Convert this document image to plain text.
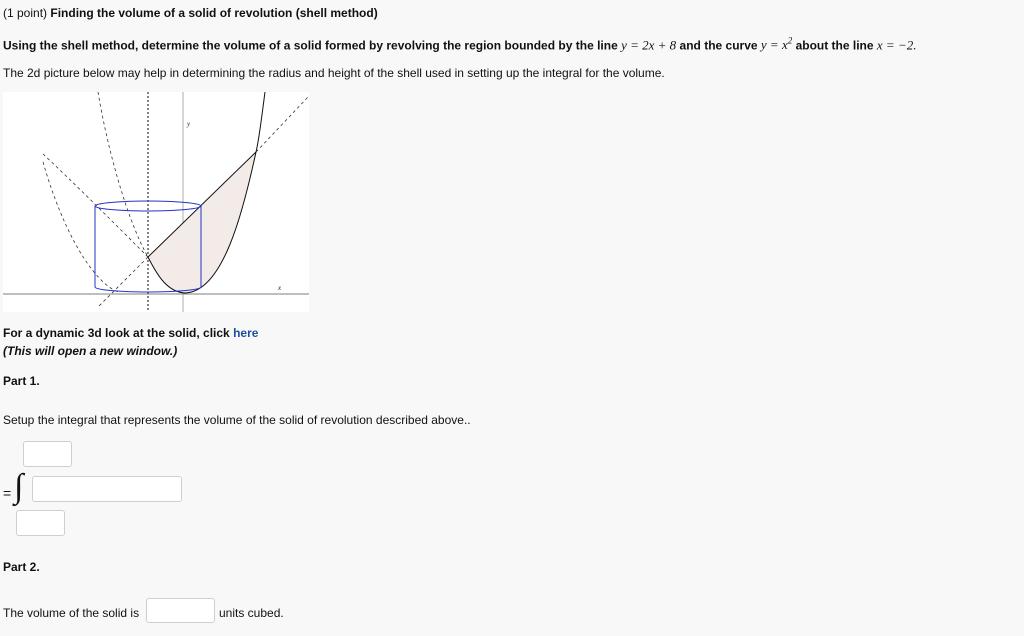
(1 point) Finding the volume of a solid of revolution (shell method)
Using the shell method, determine the volume of a solid formed by revolving the region bounded by the line y = 2x + 8 and the curve $y = x^2$ about the line x = −2.
The 2d picture below may help in determining the radius and height of the shell used in setting up the integral for the volume.
y
x
For a dynamic 3d look at the solid, click here
(This will open a new window.)
Part 1.
Setup the integral that represents the volume of the solid of revolution described above..
= ∫
Part 2.
The volume of the solid is	units cubed.
